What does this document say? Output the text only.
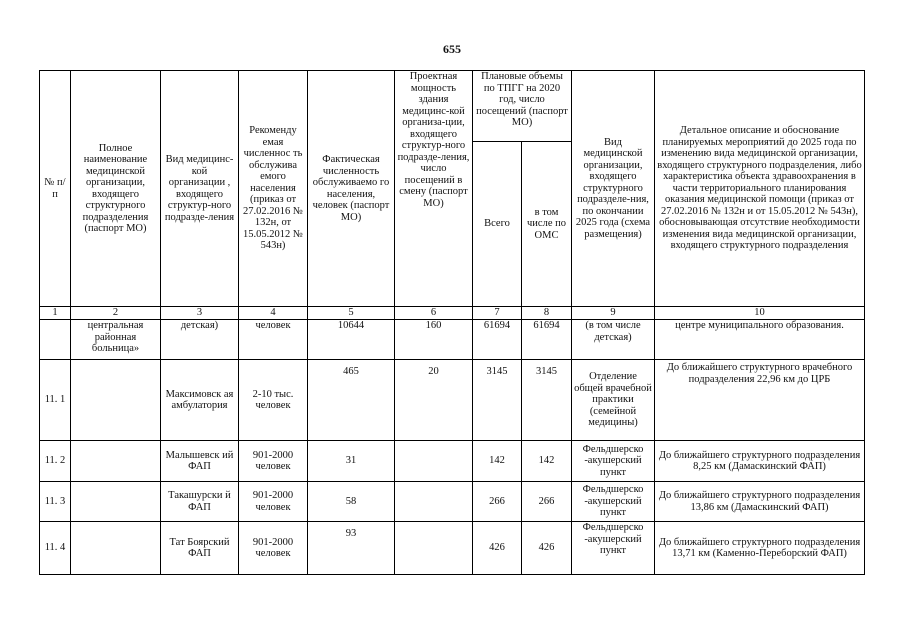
655
№ п/п	Полное наименование медицинской организации, входящего структурного подразделения (паспорт МО)	Вид медицинс-кой организации , входящего структур-ного подразде-ления	Рекоменду емая численнос ть обслужива емого населения (приказ от 27.02.2016 № 132н, от 15.05.2012 № 543н)	Фактическая численность обслуживаемо го населения, человек (паспорт МО)	Проектная мощность здания медицинс-кой организа-ции, входящего структур-ного подразде-ления, число посещений в смену (паспорт МО)	Плановые объемы по ТПГГ на 2020 год, число посещений (паспорт МО)		Вид медицинской организации, входящего структурного подразделе-ния, по окончании 2025 года (схема размещения)	Детальное описание и обоснование планируемых мероприятий до 2025 года по изменению вида медицинской организации, входящего структурного подразделения, либо характеристика объекта здравоохранения в части территориального планирования оказания медицинской помощи (приказ от 27.02.2016 № 132н и от 15.05.2012 № 543н), обосновывающая отсутствие необходимости изменения вида медицинской организации, входящего структурного подразделения
						Всего	в том числе по ОМС		
1	2	3	4	5	6	7	8	9	10
	центральная районная больница»	детская)	человек	10644	160	61694	61694	(в том числе детская)	центре муниципального образования.
11. 1		Максимовск ая амбулатория	2-10 тыс. человек	465	20	3145	3145	Отделение общей врачебной практики (семейной медицины)	До ближайшего структурного врачебного подразделения 22,96 км до ЦРБ
11. 2		Малышевск ий ФАП	901-2000 человек	31		142	142	Фельдшерско -акушерский пункт	До ближайшего структурного подразделения 8,25 км (Дамаскинский ФАП)
11. 3		Такашурски й ФАП	901-2000 человек	58		266	266	Фельдшерско -акушерский пункт	До ближайшего структурного подразделения 13,86 км (Дамаскинский ФАП)
11. 4		Тат Боярский ФАП	901-2000 человек	93		426	426	Фельдшерско -акушерский пункт	До ближайшего структурного подразделения 13,71 км (Каменно-Переборский ФАП)
